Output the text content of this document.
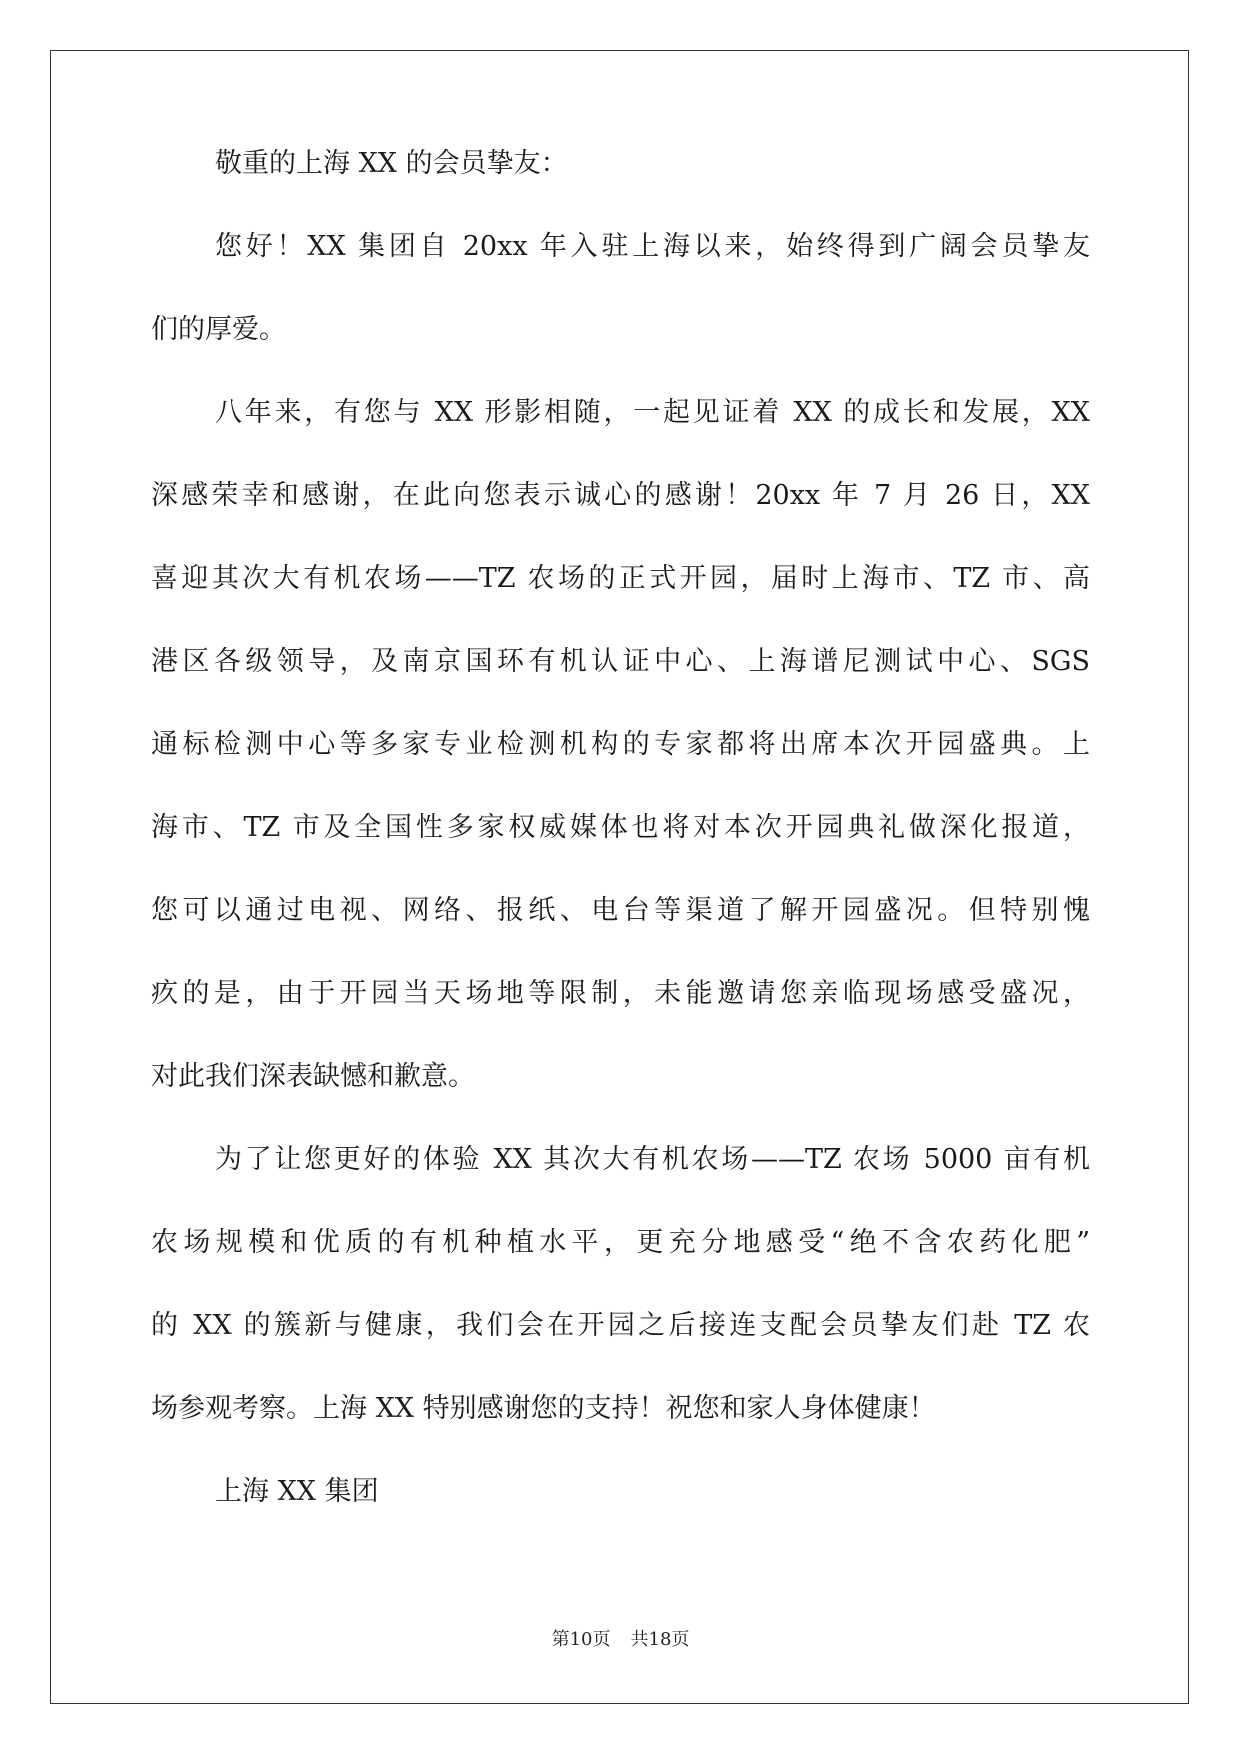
敬重的上海 XX 的会员挚友：
您好！XX 集团自 20xx 年入驻上海以来，始终得到广阔会员挚友
们的厚爱。
八年来，有您与 XX 形影相随，一起见证着 XX 的成长和发展，XX
深感荣幸和感谢，在此向您表示诚心的感谢！20xx 年 7 月 26 日，XX
喜迎其次大有机农场——TZ 农场的正式开园，届时上海市、TZ 市、高
港区各级领导，及南京国环有机认证中心、上海谱尼测试中心、SGS
通标检测中心等多家专业检测机构的专家都将出席本次开园盛典。上
海市、TZ 市及全国性多家权威媒体也将对本次开园典礼做深化报道，
您可以通过电视、网络、报纸、电台等渠道了解开园盛况。但特别愧
疚的是，由于开园当天场地等限制，未能邀请您亲临现场感受盛况，
对此我们深表缺憾和歉意。
为了让您更好的体验 XX 其次大有机农场——TZ 农场 5000 亩有机
农场规模和优质的有机种植水平，更充分地感受“绝不含农药化肥”
的 XX 的簇新与健康，我们会在开园之后接连支配会员挚友们赴 TZ 农
场参观考察。上海 XX 特别感谢您的支持！祝您和家人身体健康！
上海 XX 集团
第10页 共18页
